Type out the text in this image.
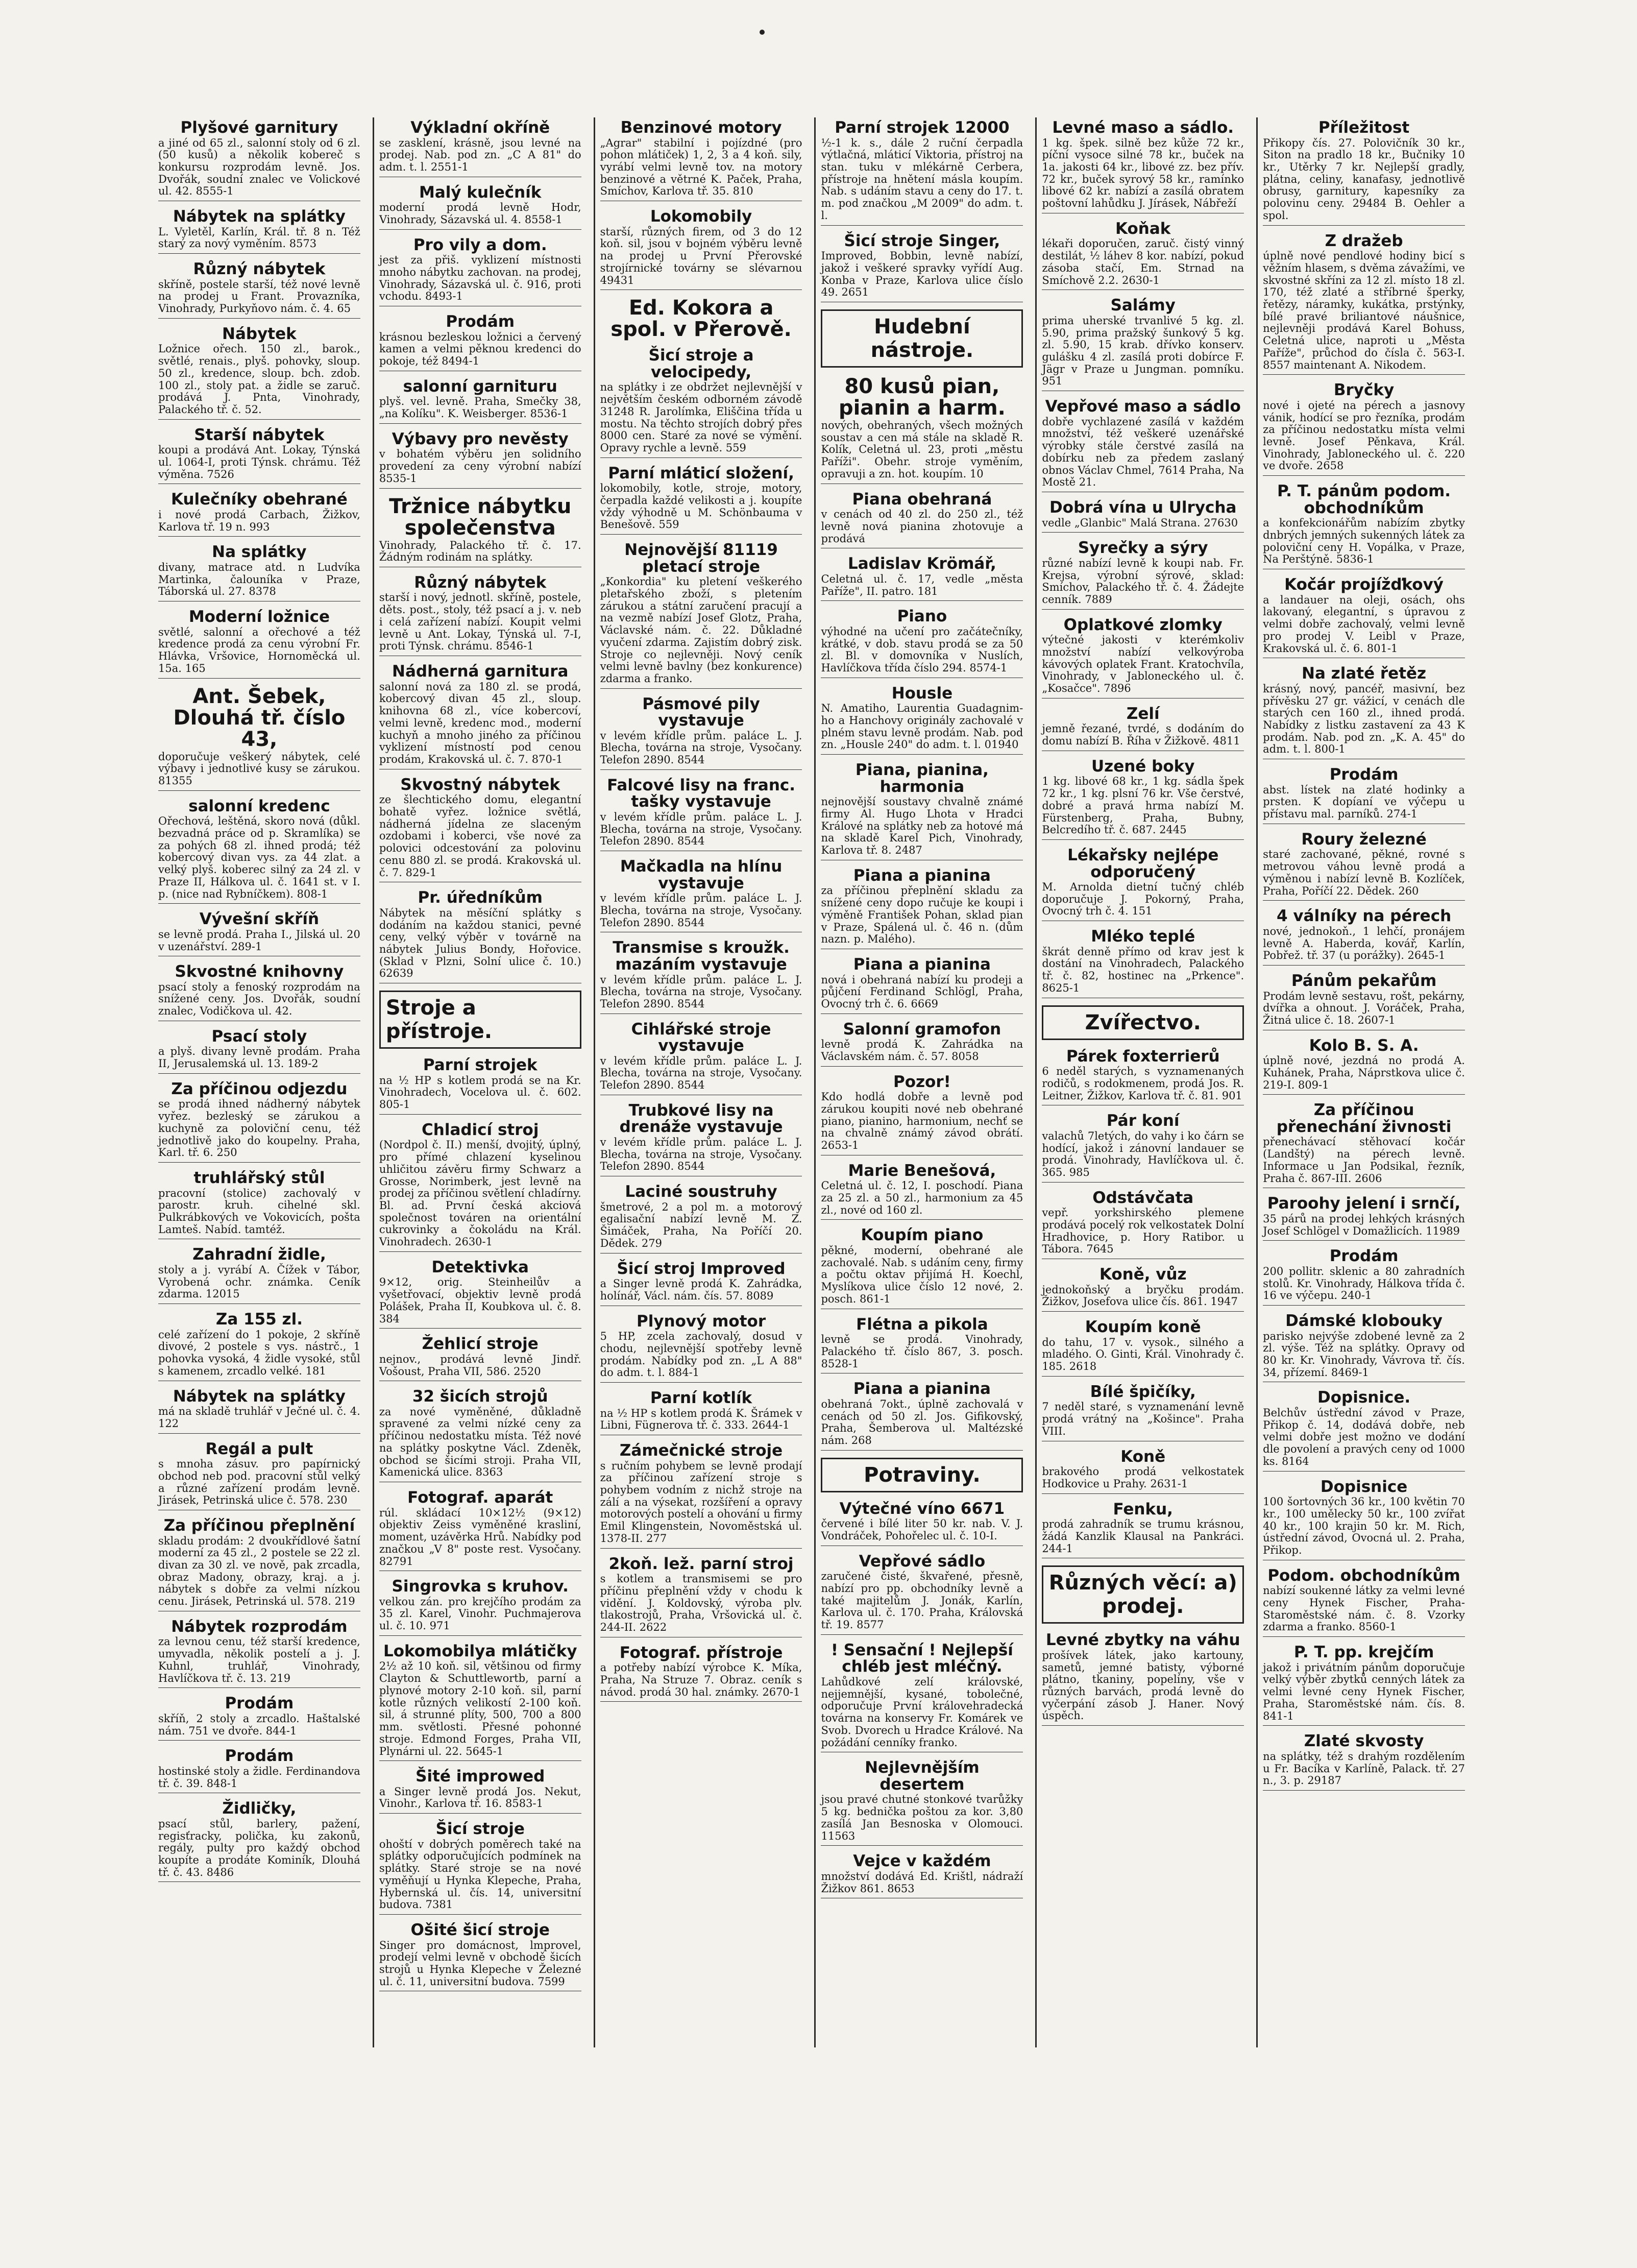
Plyšové garnitury
a jiné od 65 zl., salonní stoly od 6 zl. (50 kusů) a několik kobereč s konkursu rozprodám levně. Jos. Dvořák, soudní znalec ve Volickové ul. 42. 8555-1
Nábytek na splátky
L. Vyletěl, Karlín, Král. tř. 8 n. Též starý za nový vyměním. 8573
Různý nábytek
skříně, postele starší, též nové levně na prodej u Frant. Provazníka, Vinohrady, Purkyňovo nám. č. 4. 65
Nábytek
Ložnice ořech. 150 zl., barok., světlé, renais., plyš. pohovky, sloup. 50 zl., kredence, sloup. bch. zdob. 100 zl., stoly pat. a židle se zaruč. prodává J. Pnta, Vinohrady, Palackého tř. č. 52.
Starší nábytek
koupi a prodává Ant. Lokay, Týnská ul. 1064-I, proti Týnsk. chrámu. Též výměna. 7526
Kulečníky obehrané
i nové prodá Carbach, Žižkov, Karlova tř. 19 n. 993
Na splátky
divany, matrace atd. n Ludvíka Martinka, čalouníka v Praze, Táborská ul. 27. 8378
Moderní ložnice
světlé, salonní a ořechové a též kredence prodá za cenu výrobní Fr. Hlávka, Vršovice, Hornoměcká ul. 15a. 165
Ant. Šebek, Dlouhá tř. číslo 43,
doporučuje veškerý nábytek, celé výbavy i jednotlivé kusy se zárukou. 81355
salonní kredenc
Ořechová, leštěná, skoro nová (důkl. bezvadná práce od p. Skramlíka) se za pohých 68 zl. ihned prodá; též kobercový divan vys. za 44 zlat. a velký plyš. koberec silný za 24 zl. v Praze II, Hálkova ul. č. 1641 st. v I. p. (nice nad Rybníčkem). 808-1
Vývešní skříň
se levně prodá. Praha I., Jilská ul. 20 v uzenářství. 289-1
Skvostné knihovny
psací stoly a fenoský rozprodám na snížené ceny. Jos. Dvořák, soudní znalec, Vodičkova ul. 42.
Psací stoly
a plyš. divany levně prodám. Praha II, Jerusalemská ul. 13. 189-2
Za příčinou odjezdu
se prodá ihned nádherný nábytek vyřez. bezleský se zárukou a kuchyně za poloviční cenu, též jednotlivě jako do koupelny. Praha, Karl. tř. 6. 250
truhlářský stůl
pracovní (stolice) zachovalý v parostr. kruh. cihelné skl. Pulkrábkových ve Vokovicích, pošta Lamteš. Nabíd. tamtéž.
Zahradní židle,
stoly a j. vyrábí A. Čížek v Tábor, Vyrobená ochr. známka. Ceník zdarma. 12015
Za 155 zl.
celé zařízení do 1 pokoje, 2 skříně divové, 2 postele s vys. nástrč., 1 pohovka vysoká, 4 židle vysoké, stůl s kamenem, zrcadlo velké. 181
Nábytek na splátky
má na skladě truhlář v Ječné ul. č. 4. 122
Regál a pult
s mnoha zásuv. pro papírnický obchod neb pod. pracovní stůl velký a různé zařízení prodám levně. Jirásek, Petrinská ulice č. 578. 230
Za příčinou přeplnění
skladu prodám: 2 dvoukřídlové šatní moderní za 45 zl., 2 postele se 22 zl. divan za 30 zl. ve nově, pak zrcadla, obraz Madony, obrazy, kraj. a j. nábytek s dobře za velmi nízkou cenu. Jirásek, Petrinská ul. 578. 219
Nábytek rozprodám
za levnou cenu, též starší kredence, umyvadla, několik postelí a j. J. Kuhnl, truhlář, Vinohrady, Havlíčkova tř. č. 13. 219
Prodám
skříň, 2 stoly a zrcadlo. Haštalské nám. 751 ve dvoře. 844-1
Prodám
hostinské stoly a židle. Ferdinandova tř. č. 39. 848-1
Židličky,
psací stůl, barlery, pažení, regisťracky, polička, ku zakonů, regály, pulty pro každý obchod koupíte a prodáte Kominík, Dlouhá tř. č. 43. 8486
Výkladní okříně
se zasklení, krásně, jsou levné na prodej. Nab. pod zn. „C A 81" do adm. t. l. 2551-1
Malý kulečník
moderní prodá levně Hodr, Vinohrady, Sázavská ul. 4. 8558-1
Pro vily a dom.
jest za přiš. vyklizení místnosti mnoho nábytku zachovan. na prodej, Vinohrady, Sázavská ul. č. 916, proti vchodu. 8493-1
Prodám
krásnou bezleskou ložnici a červený kamen a velmi pěknou kredenci do pokoje, též 8494-1
salonní garnituru
plyš. vel. levně. Praha, Smečky 38, „na Kolíku". K. Weisberger. 8536-1
Výbavy pro nevěsty
v bohatém výběru jen solidního provedení za ceny výrobní nabízí 8535-1
Tržnice nábytku společenstva
Vinohrady, Palackého tř. č. 17. Žádným rodinám na splátky.
Různý nábytek
starší i nový, jednotl. skříně, postele, děts. post., stoly, též psací a j. v. neb i celá zařízení nabízí. Koupit velmi levně u Ant. Lokay, Týnská ul. 7-I, proti Týnsk. chrámu. 8546-1
Nádherná garnitura
salonní nová za 180 zl. se prodá, kobercový divan 45 zl., sloup. knihovna 68 zl., více kobercoví, velmi levně, kredenc mod., moderní kuchyň a mnoho jiného za příčinou vyklizení místností pod cenou prodám, Krakovská ul. č. 7. 870-1
Skvostný nábytek
ze šlechtického domu, elegantní bohatě vyřez. ložnice světlá, nádherná jídelna ze slaceným ozdobami i koberci, vše nové za polovici odcestování za polovinu cenu 880 zl. se prodá. Krakovská ul. č. 7. 829-1
Pr. úředníkům
Nábytek na měsíční splátky s dodáním na každou stanici, pevné ceny, velký výběr v továrně na nábytek Julius Bondy, Hořovice. (Sklad v Plzni, Solní ulice č. 10.) 62639
Stroje a přístroje.
Parní strojek
na ½ HP s kotlem prodá se na Kr. Vinohradech, Vocelova ul. č. 602. 805-1
Chladicí stroj
(Nordpol č. II.) menší, dvojitý, úplný, pro přímé chlazení kyselinou uhličitou závěru firmy Schwarz a Grosse, Norimberk, jest levně na prodej za příčinou světlení chladírny. Bl. ad. První česká akciová společnost továren na orientální cukrovinky a čokoládu na Král. Vinohradech. 2630-1
Detektivka
9×12, orig. Steinheilův a vyšetřovací, objektiv levně prodá Polášek, Praha II, Koubkova ul. č. 8. 384
Žehlicí stroje
nejnov., prodává levně Jindř. Vošoust, Praha VII, 586. 2520
32 šicích strojů
za nové vyměněné, důkladně spravené za velmi nízké ceny za příčinou nedostatku místa. Též nové na splátky poskytne Václ. Zdeněk, obchod se šicími stroji. Praha VII, Kamenická ulice. 8363
Fotograf. aparát
rúl. skládací 10×12½ (9×12) objektiv Zeiss vyměněné krasliní, moment, uzávěrka Hrů. Nabídky pod značkou „V 8" poste rest. Vysočany. 82791
Singrovka s kruhov.
velkou zán. pro krejčího prodám za 35 zl. Karel, Vinohr. Puchmajerova ul. č. 10. 971
Lokomobilya mlátičky
2½ až 10 koň. sil, většinou od firmy Clayton & Schuttlewortb, parní a plynové motory 2-10 koň. sil, parní kotle různých velikostí 2-100 koň. sil, á strunné plíty, 500, 700 a 800 mm. světlosti. Přesné pohonné stroje. Edmond Forges, Praha VII, Plynárni ul. 22. 5645-1
Šité improwed
a Singer levně prodá Jos. Nekut, Vinohr., Karlova tř. 16. 8583-1
Šicí stroje
ohoští v dobrých poměrech také na splátky odporučujících podmínek na splátky. Staré stroje se na nové vyměňují u Hynka Klepeche, Praha, Hybernská ul. čís. 14, universitní budova. 7381
Ošité šicí stroje
Singer pro domácnost, lmprovel, prodejí velmi levně v obchodě šicích strojů u Hynka Klepeche v Železné ul. č. 11, universitní budova. 7599
Benzinové motory
„Agrar" stabilní i pojízdné (pro pohon mlátiček) 1, 2, 3 a 4 koň. sily, vyrábí velmi levně tov. na motory benzinové a větrné K. Paček, Praha, Smíchov, Karlova tř. 35. 810
Lokomobily
starší, různých firem, od 3 do 12 koň. sil, jsou v bojném výběru levně na prodej u První Přerovské strojírnické továrny se slévarnou 49431
Ed. Kokora a spol. v Přerově.
Šicí stroje a velocipedy,
na splátky i ze obdržet nejlevnější v největším českém odborném závodě 31248 R. Jarolímka, Eliščina třída u mostu. Na těchto strojích dobrý přes 8000 cen. Staré za nové se výmění. Opravy rychle a levně. 559
Parní mláticí složení,
lokomobily, kotle, stroje, motory, čerpadla každé velikosti a j. koupíte vždy výhodně u M. Schönbauma v Benešově. 559
Nejnovější 81119 pletací stroje
„Konkordia" ku pletení veškerého pletařského zboží, s pletením zárukou a státní zaručení pracují a na vezmě nabízí Josef Glotz, Praha, Václavské nám. č. 22. Důkladné vyučení zdarma. Zajistím dobrý zisk. Stroje co nejlevněji. Nový ceník velmi levně bavlny (bez konkurence) zdarma a franko.
Pásmové pily vystavuje
v levém křídle prům. paláce L. J. Blecha, továrna na stroje, Vysočany. Telefon 2890. 8544
Falcové lisy na franc. tašky vystavuje
v levém křídle prům. paláce L. J. Blecha, továrna na stroje, Vysočany. Telefon 2890. 8544
Mačkadla na hlínu vystavuje
v levém křídle prům. paláce L. J. Blecha, továrna na stroje, Vysočany. Telefon 2890. 8544
Transmise s kroužk. mazáním vystavuje
v levém křídle prům. paláce L. J. Blecha, továrna na stroje, Vysočany. Telefon 2890. 8544
Cihlářské stroje vystavuje
v levém křídle prům. paláce L. J. Blecha, továrna na stroje, Vysočany. Telefon 2890. 8544
Trubkové lisy na drenáže vystavuje
v levém křídle prům. paláce L. J. Blecha, továrna na stroje, Vysočany. Telefon 2890. 8544
Laciné soustruhy
šmetrové, 2 a pol m. a motorový egalisační nabízí levně M. Z. Šimáček, Praha, Na Poříčí 20. Dědek. 279
Šicí stroj Improved
a Singer levně prodá K. Zahrádka, holínář, Václ. nám. čís. 57. 8089
Plynový motor
5 HP, zcela zachovalý, dosud v chodu, nejlevnější spotřeby levně prodám. Nabídky pod zn. „L A 88" do adm. t. l. 884-1
Parní kotlík
na ½ HP s kotlem prodá K. Šrámek v Libni, Fügnerova tř. č. 333. 2644-1
Zámečnické stroje
s ručním pohybem se levně prodají za příčinou zařízení stroje s pohybem vodním z nichž stroje na zálí a na výsekat, rozšíření a opravy motorových postelí a ohování u firmy Emil Klingenstein, Novoměstská ul. 1378-II. 277
2koň. lež. parní stroj
s kotlem a transmisemi se pro příčinu přeplnění vždy v chodu k vidění. J. Koldovský, výroba plv. tlakostrojů, Praha, Vršovická ul. č. 244-II. 2622
Fotograf. přístroje
a potřeby nabízí výrobce K. Míka, Praha, Na Struze 7. Obraz. ceník s návod. prodá 30 hal. známky. 2670-1
Parní strojek 12000
½-1 k. s., dále 2 ruční čerpadla výtlačná, mláticí Viktoria, přístroj na stan. tuku v mlékárně Cerbera, přístroje na hnětení másla koupím. Nab. s udáním stavu a ceny do 17. t. m. pod značkou „M 2009" do adm. t. l.
Šicí stroje Singer,
Improved, Bobbin, levně nabízí, jakož i veškeré spravky vyřídí Aug. Konba v Praze, Karlova ulice číslo 49. 2651
Hudební nástroje.
80 kusů pian, pianin a harm.
nových, obehraných, všech možných soustav a cen má stále na skladě R. Kolík, Celetná ul. 23, proti „městu Paříži". Obehr. stroje vyměním, opravuji a zn. hot. koupím. 10
Piana obehraná
v cenách od 40 zl. do 250 zl., též levně nová pianina zhotovuje a prodává
Ladislav Krömář,
Celetná ul. č. 17, vedle „města Paříže", II. patro. 181
Piano
výhodné na učení pro začátečníky, krátké, v dob. stavu prodá se za 50 zl. Bl. v domovníka v Nuslích, Havlíčkova třída číslo 294. 8574-1
Housle
N. Amatiho, Laurentia Guadagnim-ho a Hanchovy originály zachovalé v plném stavu levně prodám. Nab. pod zn. „Housle 240" do adm. t. l. 01940
Piana, pianina, harmonia
nejnovější soustavy chvalně známé firmy Al. Hugo Lhota v Hradci Králové na splátky neb za hotové má na skladě Karel Pich, Vinohrady, Karlova tř. 8. 2487
Piana a pianina
za příčinou přeplnění skladu za snížené ceny dopo ručuje ke koupi i výměně František Pohan, sklad pian v Praze, Spálená ul. č. 46 n. (dům nazn. p. Malého).
Piana a pianina
nová i obehraná nabízí ku prodeji a půjčení Ferdinand Schlögl, Praha, Ovocný trh č. 6. 6669
Salonní gramofon
levně prodá K. Zahrádka na Václavském nám. č. 57. 8058
Pozor!
Kdo hodlá dobře a levně pod zárukou koupiti nové neb obehrané piano, pianino, harmonium, nechť se na chvalně známý závod obrátí. 2653-1
Marie Benešová,
Celetná ul. č. 12, I. poschodí. Piana za 25 zl. a 50 zl., harmonium za 45 zl., nové od 160 zl.
Koupím piano
pěkné, moderní, obehrané ale zachovalé. Nab. s udáním ceny, firmy a počtu oktav přijímá H. Koechl, Myslíkova ulice číslo 12 nové, 2. posch. 861-1
Flétna a pikola
levně se prodá. Vinohrady, Palackého tř. číslo 867, 3. posch. 8528-1
Piana a pianina
obehraná 7okt., úplně zachovalá v cenách od 50 zl. Jos. Gifikovský, Praha, Šemberova ul. Maltézské nám. 268
Potraviny.
Výtečné víno 6671
červené i bílé liter 50 kr. nab. V. J. Vondráček, Pohořelec ul. č. 10-I.
Vepřové sádlo
zaručené čisté, škvařené, přesně, nabízí pro pp. obchodníky levně a také majitelům J. Jonák, Karlín, Karlova ul. č. 170. Praha, Královská tř. 19. 8577
! Sensační ! Nejlepší chléb jest mléčný.
Lahůdkové zelí královské, nejjemnější, kysané, tobolečné, odporučuje První královehradecká továrna na konservy Fr. Komárek ve Svob. Dvorech u Hradce Králové. Na požádání cenníky franko.
Nejlevnějším desertem
jsou pravé chutné stonkové tvarůžky 5 kg. bednička poštou za kor. 3,80 zasílá Jan Besnoska v Olomouci. 11563
Vejce v každém
množství dodává Ed. Krištl, nádraží Žižkov 861. 8653
Levné maso a sádlo.
1 kg. špek. silně bez kůže 72 kr., píční vysoce silné 78 kr., buček na 1a. jakosti 64 kr., libové zz. bez přív. 72 kr., buček syrový 58 kr., ramínko libové 62 kr. nabízí a zasílá obratem poštovní lahůdku J. Jírásek, Nábřeží
Koňak
lékaři doporučen, zaruč. čistý vinný destilát, ½ láhev 8 kor. nabízí, pokud zásoba stačí, Em. Strnad na Smíchově 2.2. 2630-1
Salámy
prima uherské trvanlivé 5 kg. zl. 5.90, prima pražský šunkový 5 kg. zl. 5.90, 15 krab. dřívko konserv. gulášku 4 zl. zasílá proti dobírce F. Jägr v Praze u Jungman. pomníku. 951
Vepřové maso a sádlo
dobře vychlazené zasílá v každém množství, též veškeré uzenářské výrobky stále čerstvé zasílá na dobírku neb za předem zaslaný obnos Václav Chmel, 7614 Praha, Na Mostě 21.
Dobrá vína u Ulrycha
vedle „Glanbic" Malá Strana. 27630
Syrečky a sýry
různé nabízí levně k koupi nab. Fr. Krejsa, výrobní sýrové, sklad: Smíchov, Palackého tř. č. 4. Žádejte cenník. 7889
Oplatkové zlomky
výtečné jakosti v kterémkoliv množství nabízí velkovýroba kávových oplatek Frant. Kratochvíla, Vinohrady, v Jabloneckého ul. č. „Kosačce". 7896
Zelí
jemně řezané, tvrdé, s dodáním do domu nabízí B. Říha v Žižkově. 4811
Uzené boky
1 kg. libové 68 kr., 1 kg. sádla špek 72 kr., 1 kg. plsní 76 kr. Vše čerstvé, dobré a pravá hrma nabízí M. Fürstenberg, Praha, Bubny, Belcredího tř. č. 687. 2445
Lékařsky nejlépe odporučený
M. Arnolda dietní tučný chléb doporučuje J. Pokorný, Praha, Ovocný trh č. 4. 151
Mléko teplé
škrát denně přímo od krav jest k dostání na Vinohradech, Palackého tř. č. 82, hostinec na „Prkence". 8625-1
Zvířectvo.
Párek foxterrierů
6 neděl starých, s vyznamenaných rodičů, s rodokmenem, prodá Jos. R. Leitner, Žižkov, Karlova tř. č. 81. 901
Pár koní
valachů 7letých, do vahy i ko čárn se hodící, jakož i zánovní landauer se prodá. Vinohrady, Havlíčkova ul. č. 365. 985
Odstávčata
vepř. yorkshirského plemene prodává pocelý rok velkostatek Dolní Hradhovice, p. Hory Ratibor. u Tábora. 7645
Koně, vůz
jednokoňský a bryčku prodám. Žižkov, Josefova ulice čís. 861. 1947
Koupím koně
do tahu, 17 v. vysok., silného a mladého. O. Ginti, Král. Vinohrady č. 185. 2618
Bílé špičíky,
7 neděl staré, s vyznamenání levně prodá vrátný na „Košince". Praha VIII.
Koně
brakového prodá velkostatek Hodkovice u Prahy. 2631-1
Fenku,
prodá zahradník se trumu krásnou, žádá Kanzlik Klausal na Pankráci. 244-1
Různých věcí: a) prodej.
Levné zbytky na váhu
prošívek látek, jako kartouny, sametů, jemné batisty, výborné plátno, tkaniny, popelíny, vše v různých barvách, prodá levně do vyčerpání zásob J. Haner. Nový úspěch.
Příležitost
Přikopy čís. 27. Polovičník 30 kr., Siton na pradlo 18 kr., Bučniky 10 kr., Utěrky 7 kr. Nejlepší gradly, plátna, celiny, kanafasy, jednotlivě obrusy, garnitury, kapesníky za polovinu ceny. 29484 B. Oehler a spol.
Z dražeb
úplně nové pendlové hodiny bicí s věžním hlasem, s dvěma závažími, ve skvostné skříni za 12 zl. místo 18 zl. 170, též zlaté a stříbrné šperky, řetězy, náramky, kukátka, prstýnky, bílé pravé briliantové náušnice, nejlevněji prodává Karel Bohuss, Celetná ulice, naproti u „Města Paříže", průchod do čísla č. 563-I. 8557 maintenant A. Nikodem.
Bryčky
nové i ojeté na pérech a jasnovy vánik, hodící se pro řezníka, prodám za příčinou nedostatku místa velmi levně. Josef Pěnkava, Král. Vinohrady, Jabloneckého ul. č. 220 ve dvoře. 2658
P. T. pánům podom. obchodníkům
a konfekcionářům nabízím zbytky dnbrých jemných sukenných látek za poloviční ceny H. Vopálka, v Praze, Na Perštýně. 5836-1
Kočár projížďkový
a landauer na oleji, osách, ohs lakovaný, elegantní, s úpravou z velmi dobře zachovalý, velmi levně pro prodej V. Leibl v Praze, Krakovská ul. č. 6. 801-1
Na zlaté řetěz
krásný, nový, pancéř, masivní, bez přívěsku 27 gr. vážicí, v cenách dle starých cen 160 zl., ihned prodá. Nabídky z listku zastavení za 43 K prodám. Nab. pod zn. „K. A. 45" do adm. t. l. 800-1
Prodám
abst. lístek na zlaté hodinky a prsten. K dopíaní ve výčepu u přístavu mal. parníků. 274-1
Roury železné
staré zachované, pěkné, rovné s metrovou váhou levně prodá a výměnou i nabízí levně B. Kozlíček, Praha, Poříčí 22. Dědek. 260
4 válníky na pérech
nové, jednokoň., 1 lehčí, pronájem levně A. Haberda, kovář, Karlín, Pobřež. tř. 37 (u porážky). 2645-1
Pánům pekařům
Prodám levně sestavu, rošt, pekárny, dvířka a ohnout. J. Voráček, Praha, Žitná ulice č. 18. 2607-1
Kolo B. S. A.
úplně nové, jezdná no prodá A. Kuhánek, Praha, Náprstkova ulice č. 219-I. 809-1
Za příčinou přenechání živnosti
přenechávací stěhovací kočár (Landštý) na pérech levně. Informace u Jan Podsikal, řezník, Praha č. 867-III. 2606
Paroohy jelení i srnčí,
35 párů na prodej lehkých krásných Josef Schlögel v Domažlicích. 11989
Prodám
200 pollitr. sklenic a 80 zahradních stolů. Kr. Vinohrady, Hálkova třída č. 16 ve výčepu. 240-1
Dámské klobouky
parisko nejvýše zdobené levně za 2 zl. výše. Též na splátky. Opravy od 80 kr. Kr. Vinohrady, Vávrova tř. čís. 34, přízemí. 8469-1
Dopisnice.
Belchův ústřední závod v Praze, Přikop č. 14, dodává dobře, neb velmi dobře jest možno ve dodání dle povolení a pravých ceny od 1000 ks. 8164
Dopisnice
100 šortovných 36 kr., 100 květin 70 kr., 100 umělecky 50 kr., 100 zvířat 40 kr., 100 krajin 50 kr. M. Rich, ústřední závod, Ovocná ul. 2. Praha, Přikop.
Podom. obchodníkům
nabízí soukenné látky za velmi levné ceny Hynek Fischer, Praha-Staroměstské nám. č. 8. Vzorky zdarma a franko. 8560-1
P. T. pp. krejčím
jakož i privátním pánům doporučuje velký výběr zbytků cenných látek za velmi levné ceny Hynek Fischer, Praha, Staroměstské nám. čís. 8. 841-1
Zlaté skvosty
na splátky, též s drahým rozdělením u Fr. Bacíka v Karlíně, Palack. tř. 27 n., 3. p. 29187
